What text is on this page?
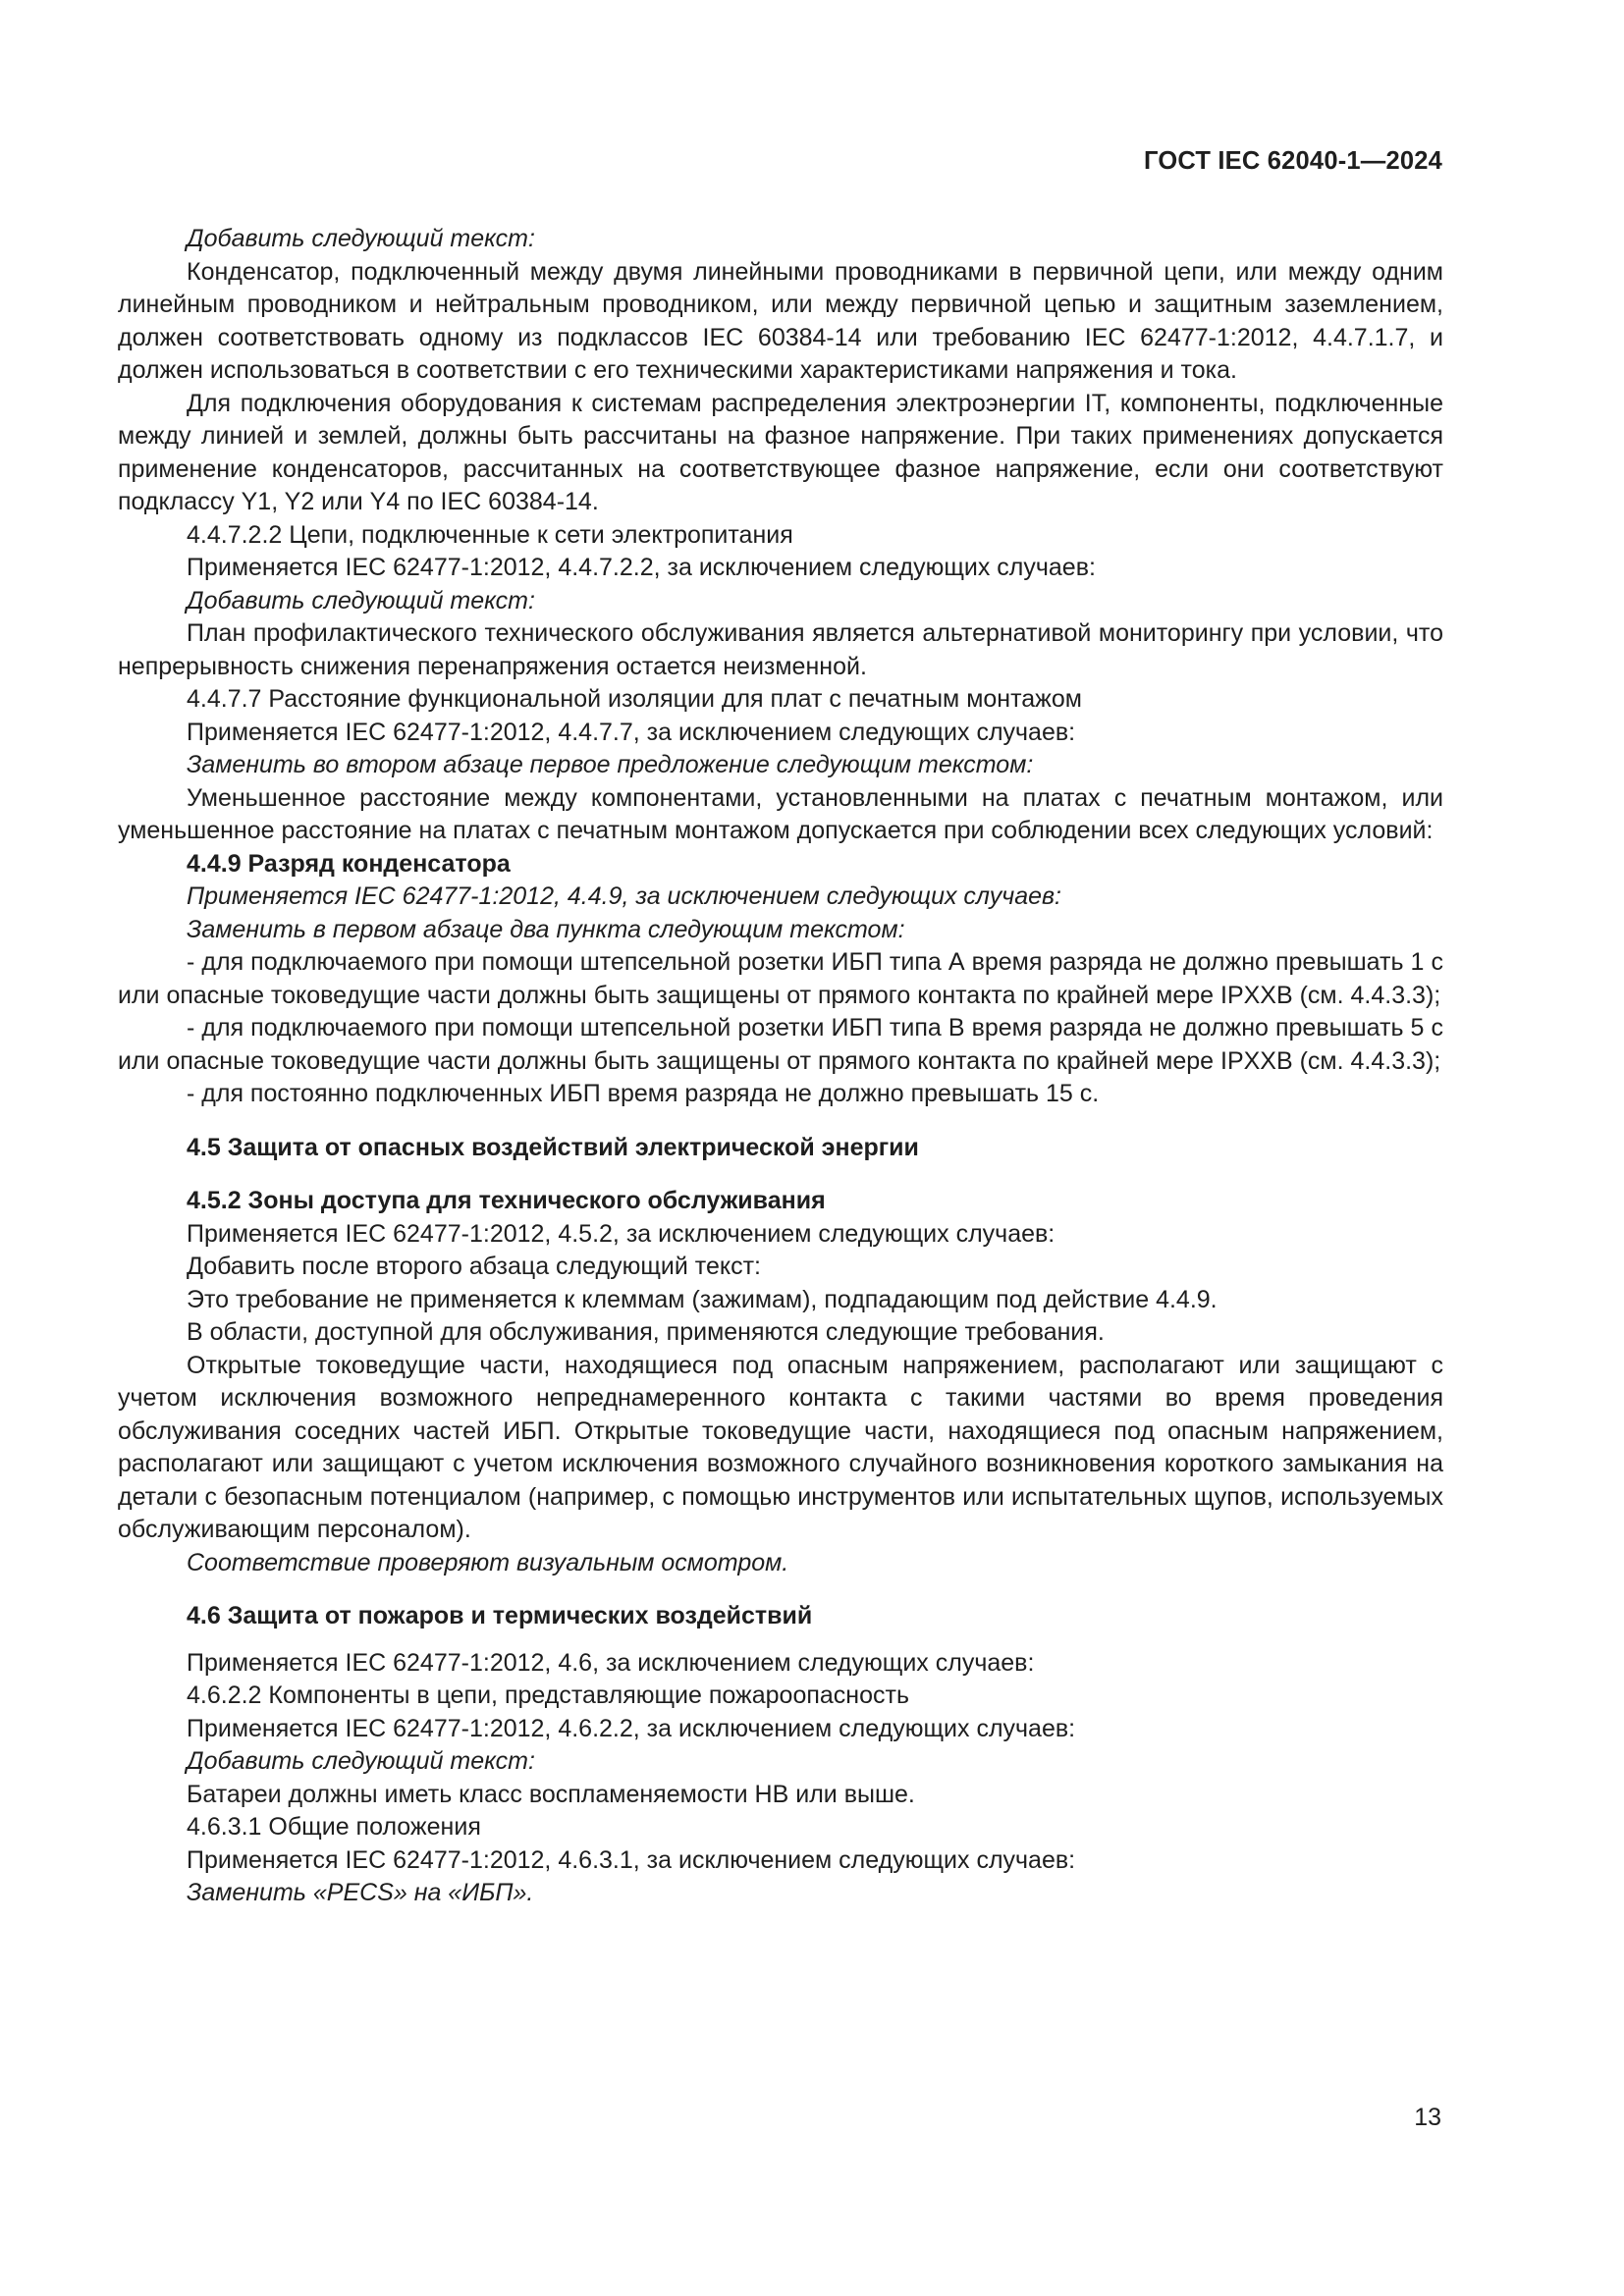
ГОСТ IEC 62040-1—2024

Добавить следующий текст:

Конденсатор, подключенный между двумя линейными проводниками в первичной цепи, или между одним линейным проводником и нейтральным проводником, или между первичной цепью и защитным заземлением, должен соответствовать одному из подклассов IEC 60384-14 или требованию IEC 62477-1:2012, 4.4.7.1.7, и должен использоваться в соответствии с его техническими характеристиками напряжения и тока.

Для подключения оборудования к системам распределения электроэнергии IT, компоненты, подключенные между линией и землей, должны быть рассчитаны на фазное напряжение. При таких применениях допускается применение конденсаторов, рассчитанных на соответствующее фазное напряжение, если они соответствуют подклассу Y1, Y2 или Y4 по IEC 60384-14.

4.4.7.2.2 Цепи, подключенные к сети электропитания

Применяется IEC 62477-1:2012, 4.4.7.2.2, за исключением следующих случаев:

Добавить следующий текст:

План профилактического технического обслуживания является альтернативой мониторингу при условии, что непрерывность снижения перенапряжения остается неизменной.

4.4.7.7 Расстояние функциональной изоляции для плат с печатным монтажом

Применяется IEC 62477-1:2012, 4.4.7.7, за исключением следующих случаев:

Заменить во втором абзаце первое предложение следующим текстом:

Уменьшенное расстояние между компонентами, установленными на платах с печатным монтажом, или уменьшенное расстояние на платах с печатным монтажом допускается при соблюдении всех следующих условий:

4.4.9 Разряд конденсатора

Применяется IEC 62477-1:2012, 4.4.9, за исключением следующих случаев:

Заменить в первом абзаце два пункта следующим текстом:

- для подключаемого при помощи штепсельной розетки ИБП типа А время разряда не должно превышать 1 с или опасные токоведущие части должны быть защищены от прямого контакта по крайней мере IPXXB (см. 4.4.3.3);

- для подключаемого при помощи штепсельной розетки ИБП типа В время разряда не должно превышать 5 с или опасные токоведущие части должны быть защищены от прямого контакта по крайней мере IPXXB (см. 4.4.3.3);

- для постоянно подключенных ИБП время разряда не должно превышать 15 с.

4.5 Защита от опасных воздействий электрической энергии

4.5.2 Зоны доступа для технического обслуживания

Применяется IEC 62477-1:2012, 4.5.2, за исключением следующих случаев:

Добавить после второго абзаца следующий текст:

Это требование не применяется к клеммам (зажимам), подпадающим под действие 4.4.9.

В области, доступной для обслуживания, применяются следующие требования.

Открытые токоведущие части, находящиеся под опасным напряжением, располагают или защищают с учетом исключения возможного непреднамеренного контакта с такими частями во время проведения обслуживания соседних частей ИБП. Открытые токоведущие части, находящиеся под опасным напряжением, располагают или защищают с учетом исключения возможного случайного возникновения короткого замыкания на детали с безопасным потенциалом (например, с помощью инструментов или испытательных щупов, используемых обслуживающим персоналом).

Соответствие проверяют визуальным осмотром.

4.6 Защита от пожаров и термических воздействий

Применяется IEC 62477-1:2012, 4.6, за исключением следующих случаев:

4.6.2.2 Компоненты в цепи, представляющие пожароопасность

Применяется IEC 62477-1:2012, 4.6.2.2, за исключением следующих случаев:

Добавить следующий текст:

Батареи должны иметь класс воспламеняемости HB или выше.

4.6.3.1 Общие положения

Применяется IEC 62477-1:2012, 4.6.3.1, за исключением следующих случаев:

Заменить «PECS» на «ИБП».

13
